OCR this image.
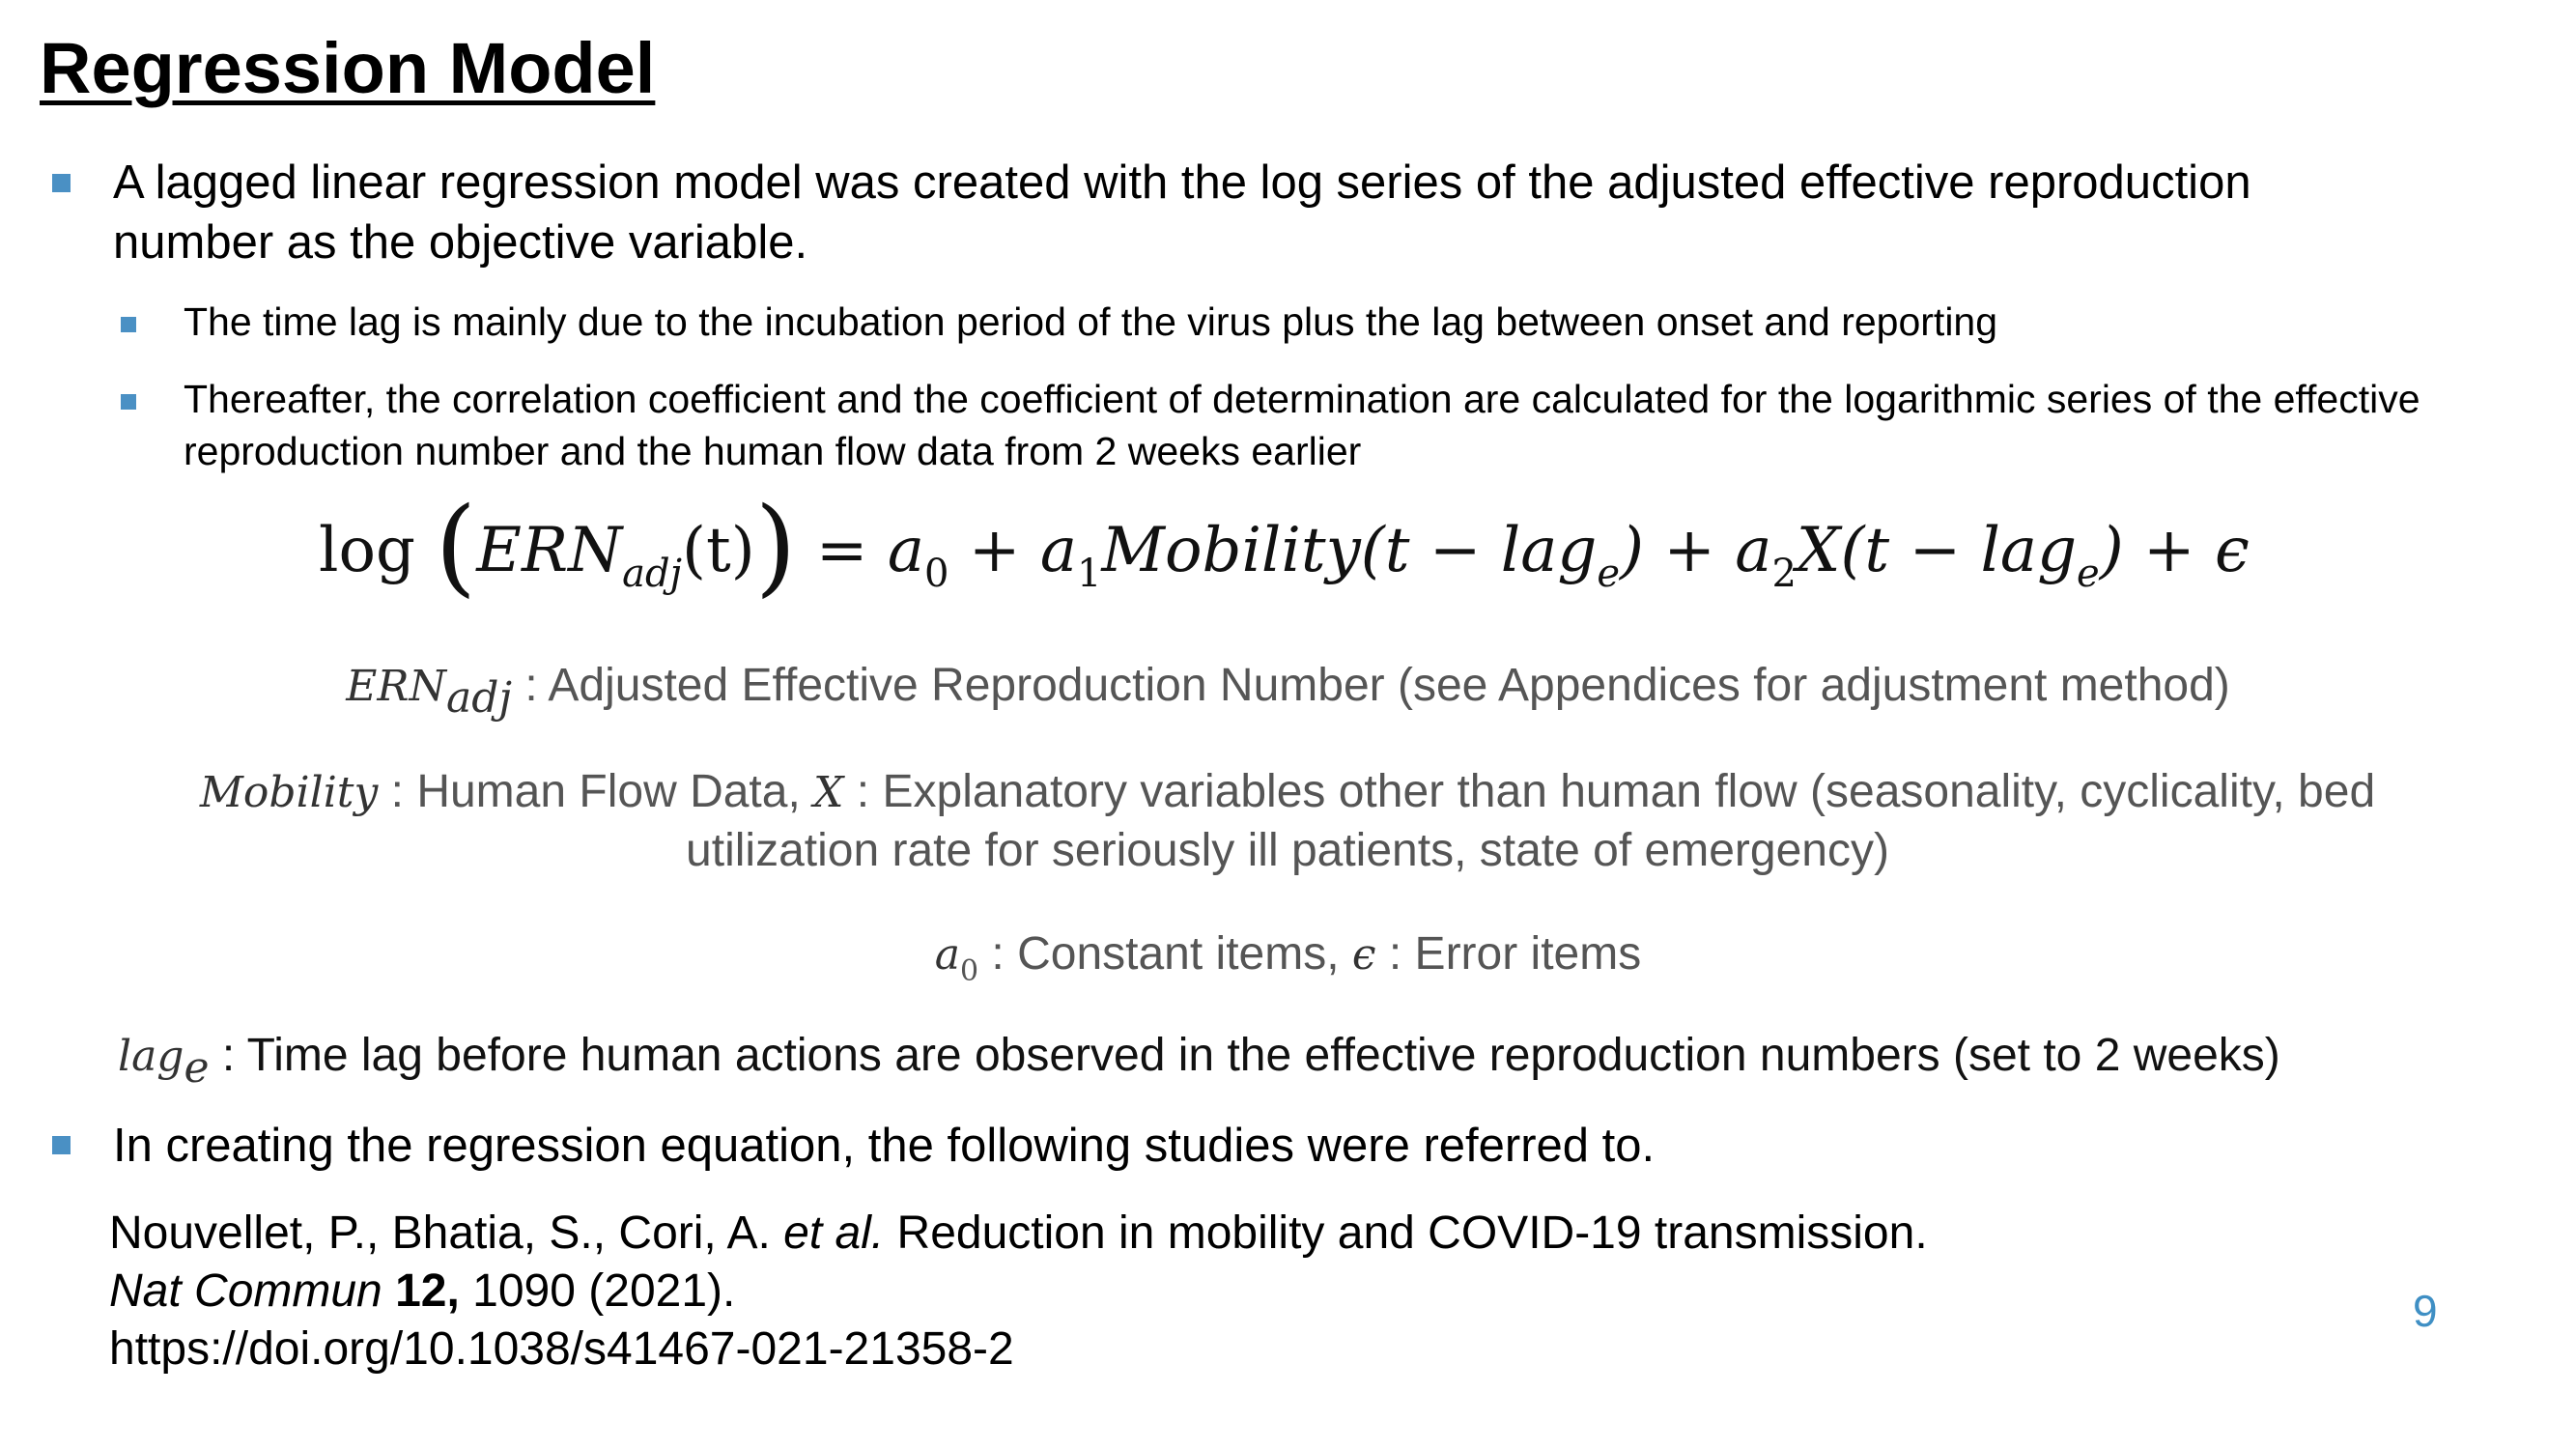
Regression Model

A lagged linear regression model was created with the log series of the adjusted effective reproduction number as the objective variable.

The time lag is mainly due to the incubation period of the virus plus the lag between onset and reporting

Thereafter, the correlation coefficient and the coefficient of determination are calculated for the logarithmic series of the effective reproduction number and the human flow data from 2 weeks earlier

$\log (ERN_{adj}(t)) = a_0$ + $a_1Mobility(t - lag_e) + a_2X(t - lag_e) + \epsilon$

$ERN_{adj}$ : Adjusted Effective Reproduction Number (see Appendices for adjustment method)

Mobility : Human Flow Data, X : Explanatory variables other than human flow (seasonality, cyclicality, bed
utilization rate for seriously ill patients, state of emergency)

$a_0$ : Constant items, ϵ : Error items

lag$_e$ : Time lag before human actions are observed in the effective reproduction numbers (set to 2 weeks)

In creating the regression equation, the following studies were referred to.

Nouvellet, P., Bhatia, S., Cori, A. et al. Reduction in mobility and COVID-19 transmission.

Nat Commun 12, 1090 (2021).

https://doi.org/10.1038/s41467-021-21358-2

9
